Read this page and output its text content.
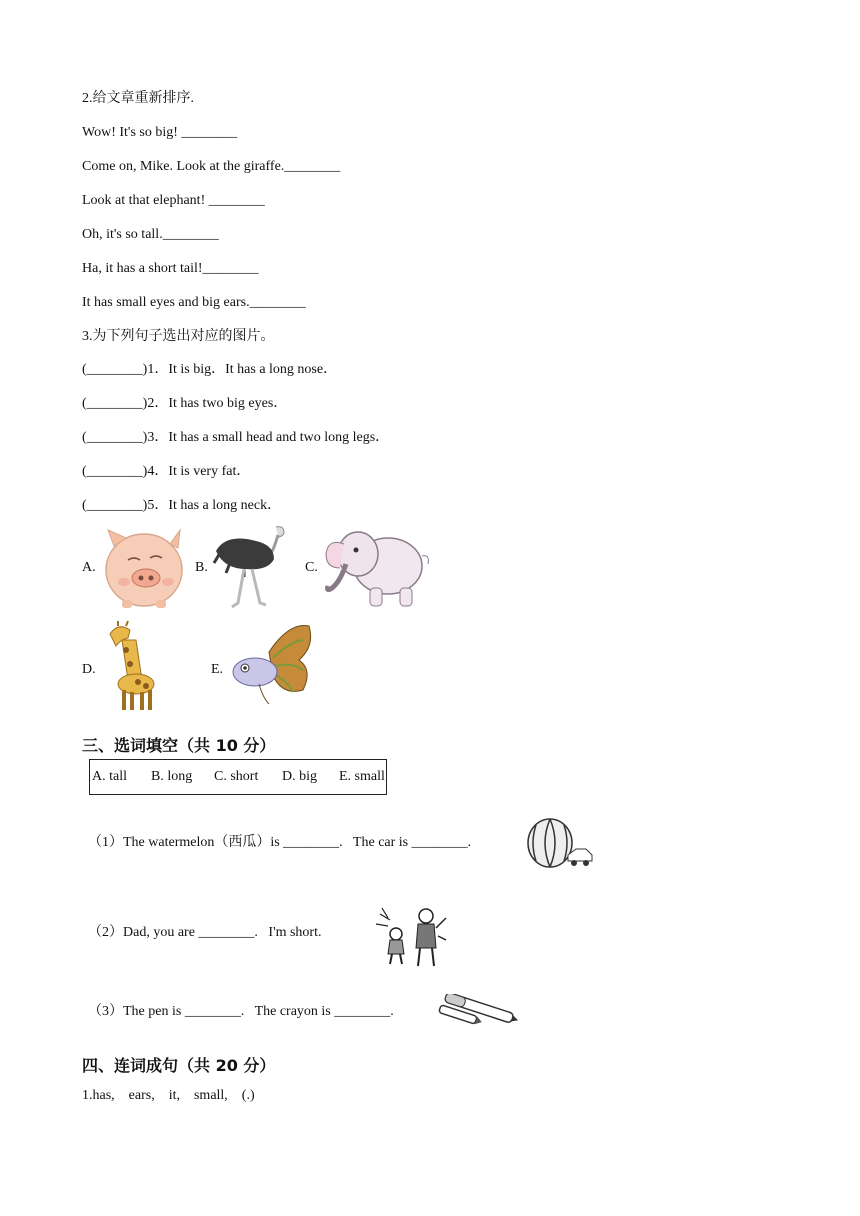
2.给文章重新排序.
Wow! It's so big! ________
Come on, Mike. Look at the giraffe.________
Look at that elephant! ________
Oh, it's so tall.________
Ha, it has a short tail!________
It has small eyes and big ears.________
3.为下列句子选出对应的图片。
(________)1．It is big．It has a long nose．
(________)2．It has two big eyes．
(________)3．It has a small head and two long legs．
(________)4．It is very fat．
(________)5．It has a long neck．
A.	B.	C.
D.	E.
三、选词填空（共 10 分）
A. tall B. long C. short D. big E. small
（1）The watermelon（西瓜）is ________.   The car is ________.
（2）Dad, you are ________.   I'm short.
（3）The pen is ________.   The crayon is ________.
四、连词成句（共 20 分）
1.has,    ears,    it,    small,    (.)
